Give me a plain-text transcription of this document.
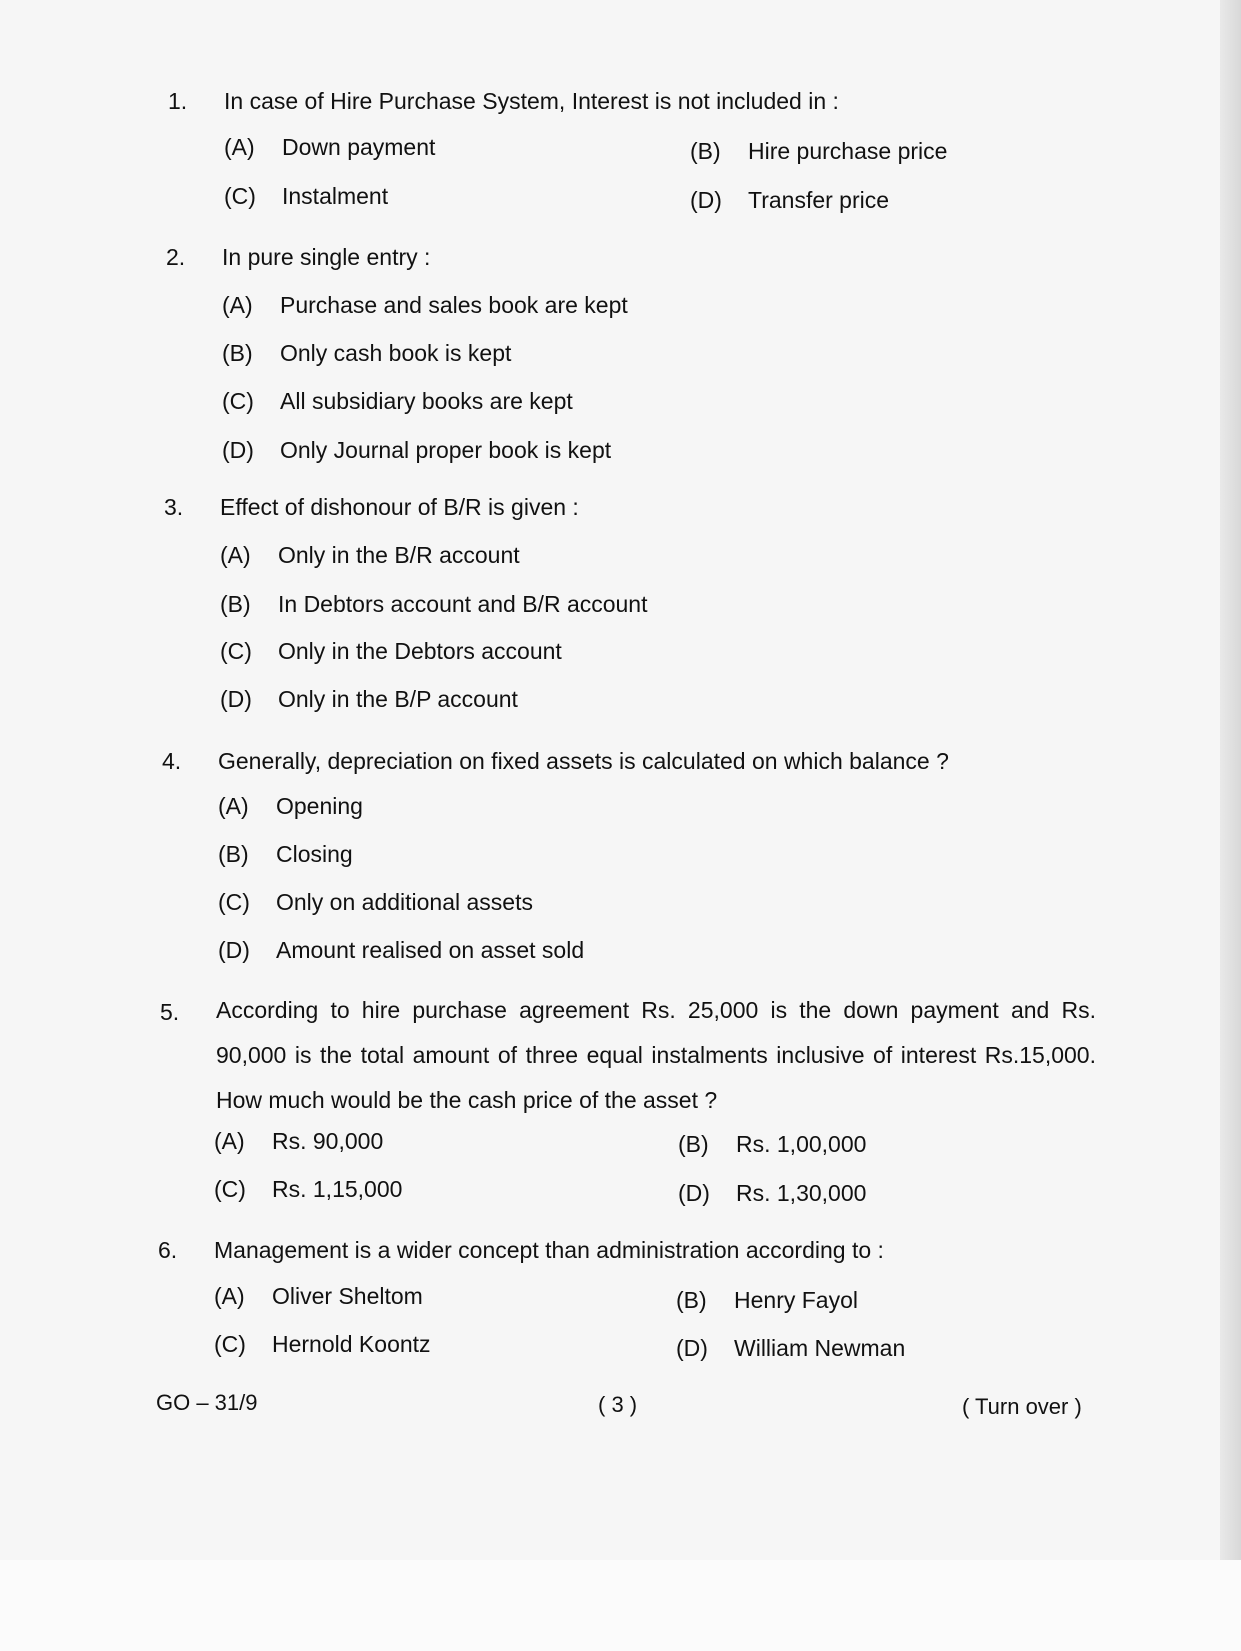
1. In case of Hire Purchase System, Interest is not included in :
(A) Down payment	(B) Hire purchase price
(C) Instalment	(D) Transfer price
2. In pure single entry :
(A) Purchase and sales book are kept
(B) Only cash book is kept
(C) All subsidiary books are kept
(D) Only Journal proper book is kept
3. Effect of dishonour of B/R is given :
(A) Only in the B/R account
(B) In Debtors account and B/R account
(C) Only in the Debtors account
(D) Only in the B/P account
4. Generally, depreciation on fixed assets is calculated on which balance ?
(A) Opening
(B) Closing
(C) Only on additional assets
(D) Amount realised on asset sold
5. According to hire purchase agreement Rs. 25,000 is the down payment and Rs. 90,000 is the total amount of three equal instalments inclusive of interest Rs.15,000. How much would be the cash price of the asset ?
(A) Rs. 90,000	(B) Rs. 1,00,000
(C) Rs. 1,15,000	(D) Rs. 1,30,000
6. Management is a wider concept than administration according to :
(A) Oliver Sheltom	(B) Henry Fayol
(C) Hernold Koontz	(D) William Newman
GO – 31/9	( 3 )	( Turn over )
